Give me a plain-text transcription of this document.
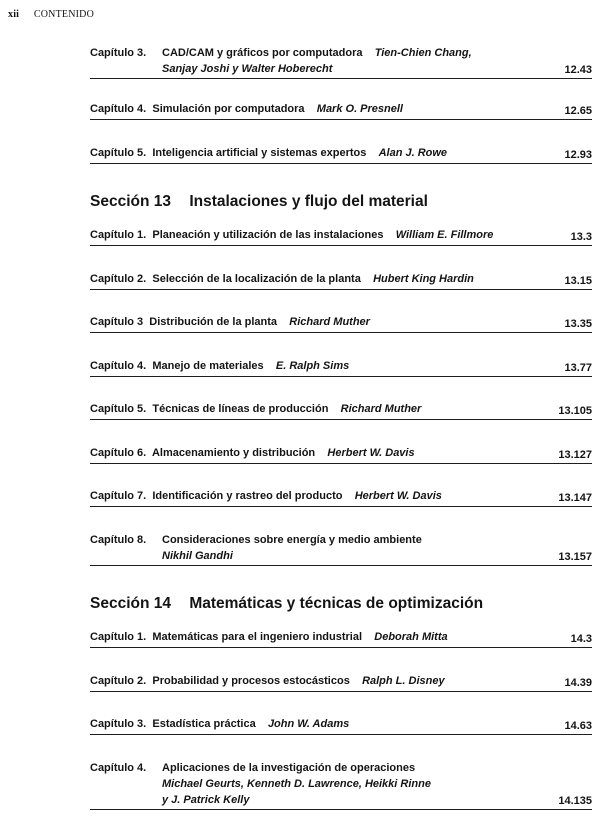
xii CONTENIDO
Capítulo 3. CAD/CAM y gráficos por computadora Tien-Chien Chang,
Sanjay Joshi y Walter Hoberecht	12.43
Capítulo 4. Simulación por computadora Mark O. Presnell	12.65
Capítulo 5. Inteligencia artificial y sistemas expertos Alan J. Rowe	12.93
Sección 13 Instalaciones y flujo del material
Capítulo 1. Planeación y utilización de las instalaciones William E. Fillmore	13.3
Capítulo 2. Selección de la localización de la planta Hubert King Hardin	13.15
Capítulo 3 Distribución de la planta Richard Muther	13.35
Capítulo 4. Manejo de materiales E. Ralph Sims	13.77
Capítulo 5. Técnicas de líneas de producción Richard Muther	13.105
Capítulo 6. Almacenamiento y distribución Herbert W. Davis	13.127
Capítulo 7. Identificación y rastreo del producto Herbert W. Davis	13.147
Capítulo 8. Consideraciones sobre energía y medio ambiente
Nikhil Gandhi	13.157
Sección 14 Matemáticas y técnicas de optimización
Capítulo 1. Matemáticas para el ingeniero industrial Deborah Mitta	14.3
Capítulo 2. Probabilidad y procesos estocásticos Ralph L. Disney	14.39
Capítulo 3. Estadística práctica John W. Adams	14.63
Capítulo 4. Aplicaciones de la investigación de operaciones
Michael Geurts, Kenneth D. Lawrence, Heikki Rinne
y J. Patrick Kelly	14.135
